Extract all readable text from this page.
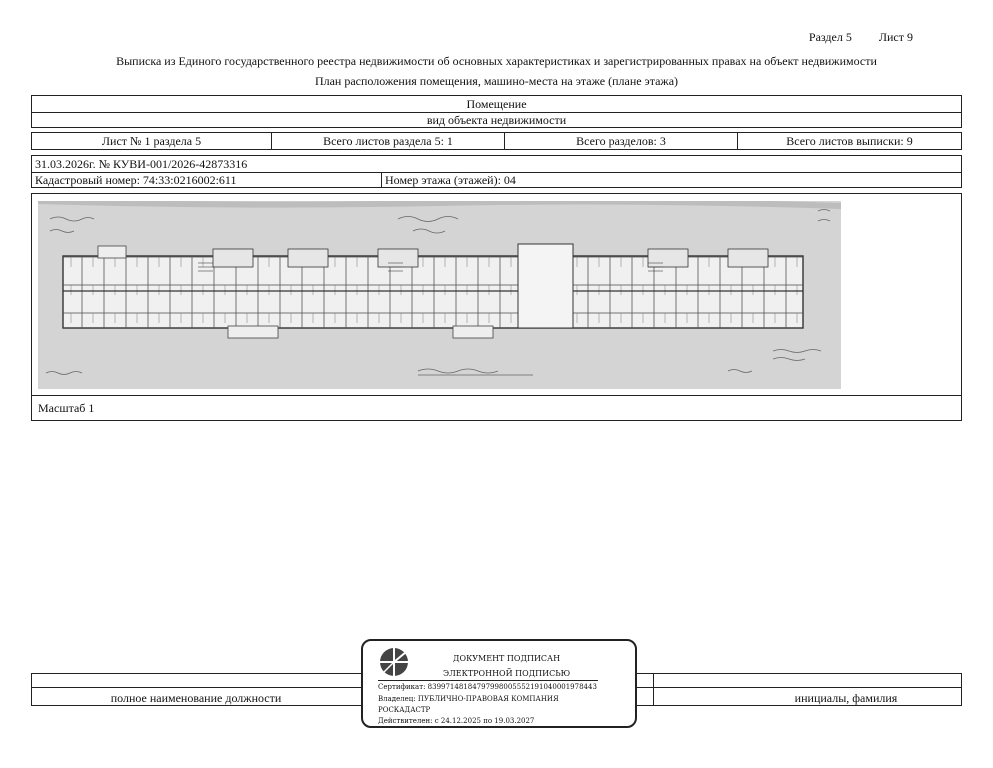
Раздел 5 Лист 9
Выписка из Единого государственного реестра недвижимости об основных характеристиках и зарегистрированных правах на объект недвижимости
План расположения помещения, машино-места на этаже (плане этажа)
Помещение
вид объекта недвижимости
Лист № 1 раздела 5	Всего листов раздела 5: 1	Всего разделов: 3	Всего листов выписки: 9
31.03.2026г. № КУВИ-001/2026-42873316
Кадастровый номер: 74:33:0216002:611	Номер этажа (этажей): 04
Масштаб 1
полное наименование должности	инициалы, фамилия
ДОКУМЕНТ ПОДПИСАН
ЭЛЕКТРОННОЙ ПОДПИСЬЮ
Сертификат: 83997148184797998005552191040001978443
Владелец: ПУБЛИЧНО-ПРАВОВАЯ КОМПАНИЯ
РОСКАДАСТР
Действителен: с 24.12.2025 по 19.03.2027
